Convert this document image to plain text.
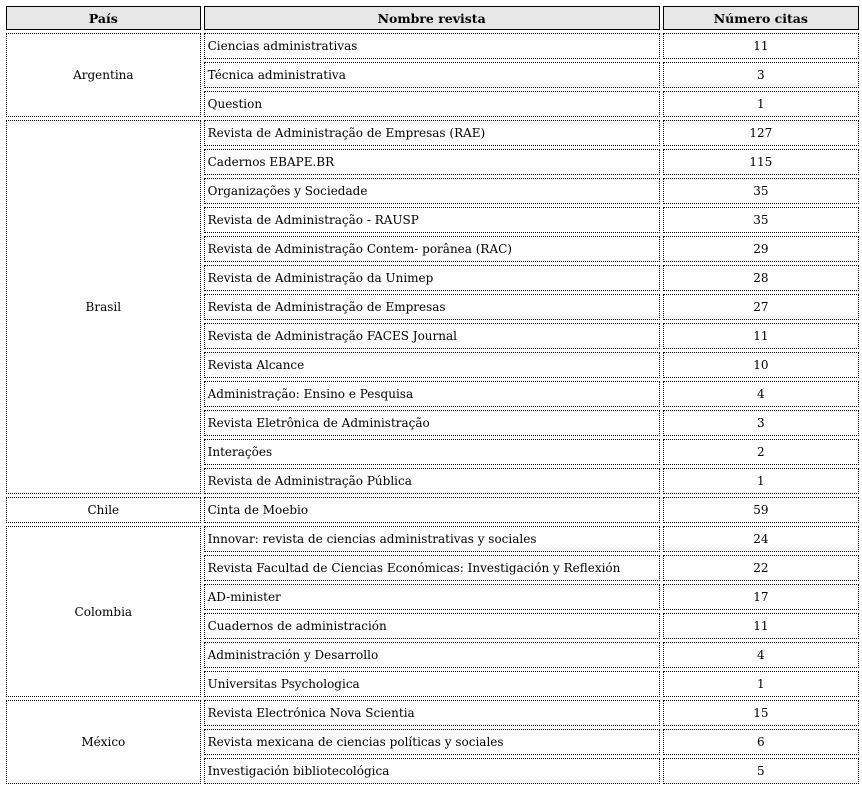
País	Nombre revista	Número citas
Argentina	Ciencias administrativas	11
	Técnica administrativa	3
	Question	1
Brasil	Revista de Administração de Empresas (RAE)	127
	Cadernos EBAPE.BR	115
	Organizações y Sociedade	35
	Revista de Administração - RAUSP	35
	Revista de Administração Contem- porânea (RAC)	29
	Revista de Administração da Unimep	28
	Revista de Administração de Empresas	27
	Revista de Administração FACES Journal	11
	Revista Alcance	10
	Administração: Ensino e Pesquisa	4
	Revista Eletrônica de Administração	3
	Interações	2
	Revista de Administração Pública	1
Chile	Cinta de Moebio	59
Colombia	Innovar: revista de ciencias administrativas y sociales	24
	Revista Facultad de Ciencias Económicas: Investigación y Reflexión	22
	AD-minister	17
	Cuadernos de administración	11
	Administración y Desarrollo	4
	Universitas Psychologica	1
México	Revista Electrónica Nova Scientia	15
	Revista mexicana de ciencias políticas y sociales	6
	Investigación bibliotecológica	5
